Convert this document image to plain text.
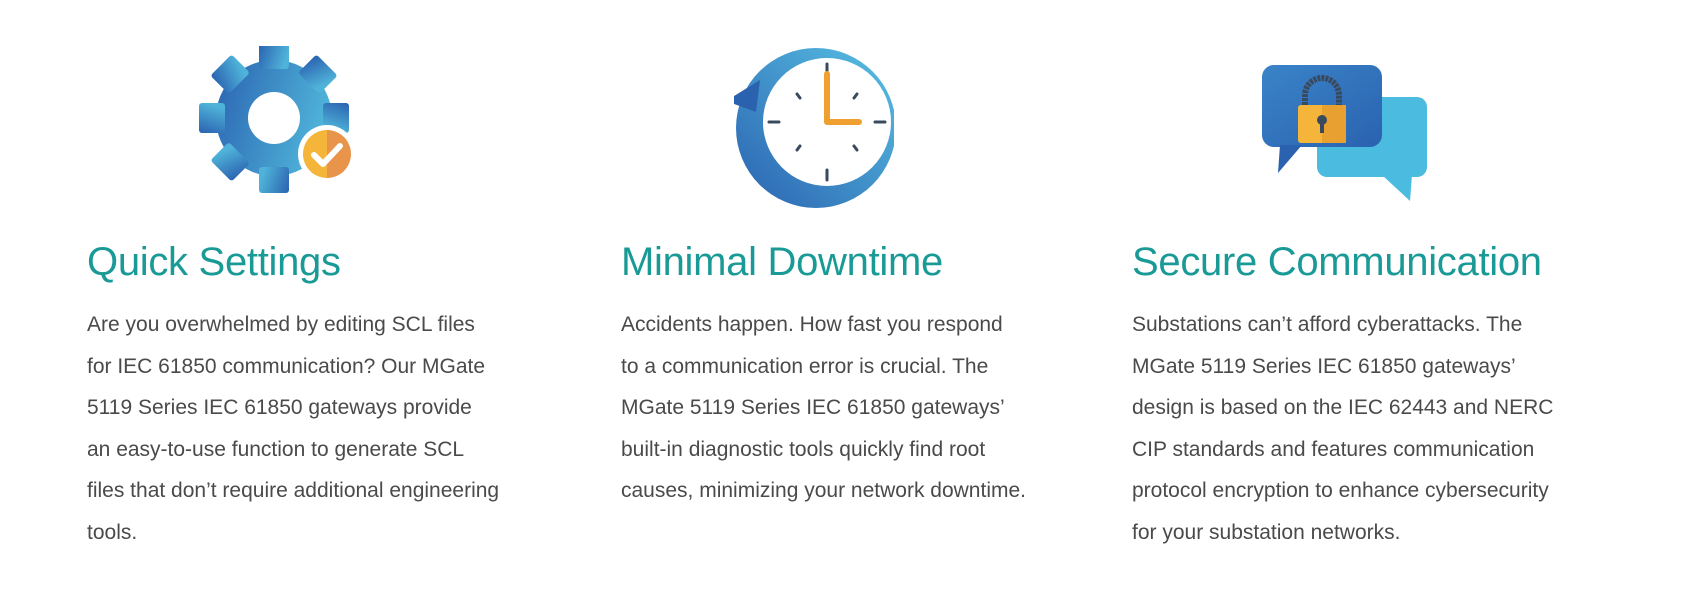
Quick Settings
Are you overwhelmed by editing SCL files
for IEC 61850 communication? Our MGate
5119 Series IEC 61850 gateways provide
an easy-to-use function to generate SCL
files that don’t require additional engineering
tools.
Minimal Downtime
Accidents happen. How fast you respond
to a communication error is crucial. The
MGate 5119 Series IEC 61850 gateways’
built-in diagnostic tools quickly find root
causes, minimizing your network downtime.
Secure Communication
Substations can’t afford cyberattacks. The
MGate 5119 Series IEC 61850 gateways’
design is based on the IEC 62443 and NERC
CIP standards and features communication
protocol encryption to enhance cybersecurity
for your substation networks.
